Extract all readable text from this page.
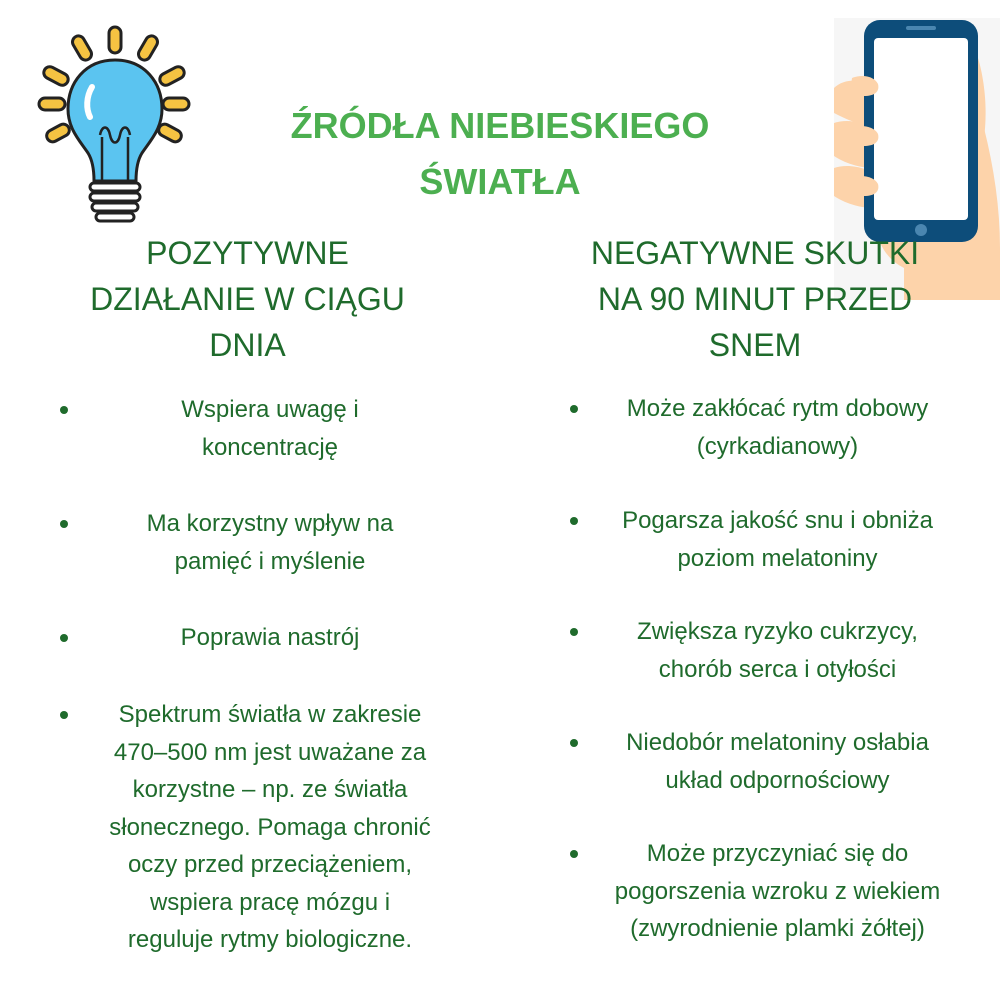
ŹRÓDŁA NIEBIESKIEGO
ŚWIATŁA
POZYTYWNE
DZIAŁANIE W CIĄGU
DNIA
NEGATYWNE SKUTKI
NA 90 MINUT PRZED
SNEM
Wspiera uwagę i
koncentrację
Ma korzystny wpływ na
pamięć i myślenie
Poprawia nastrój
Spektrum światła w zakresie
470–500 nm jest uważane za
korzystne – np. ze światła
słonecznego. Pomaga chronić
oczy przed przeciążeniem,
wspiera pracę mózgu i
reguluje rytmy biologiczne.
Może zakłócać rytm dobowy
(cyrkadianowy)
Pogarsza jakość snu i obniża
poziom melatoniny
Zwiększa ryzyko cukrzycy,
chorób serca i otyłości
Niedobór melatoniny osłabia
układ odpornościowy
Może przyczyniać się do
pogorszenia wzroku z wiekiem
(zwyrodnienie plamki żółtej)
